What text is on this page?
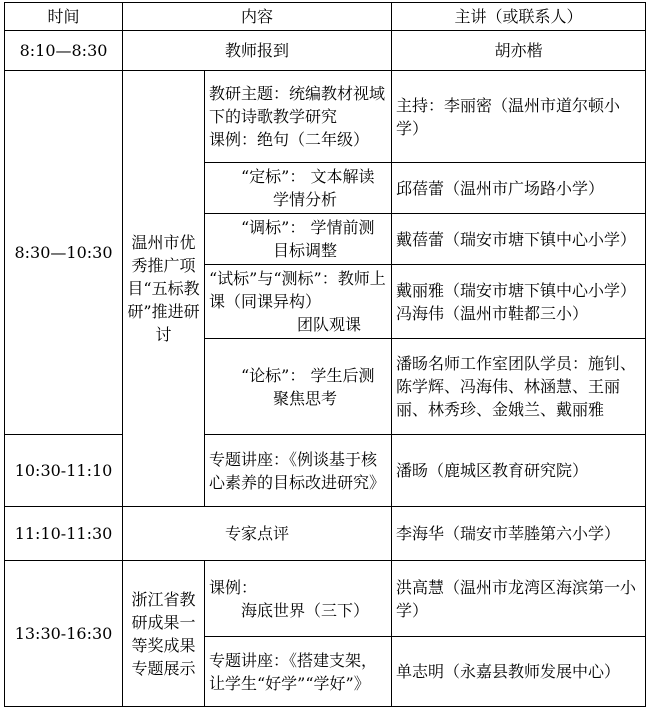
时间	内容		主讲（或联系人）
8:10—8:30	教师报到		胡亦楷
8:30—10:30	温州市优秀推广项目“五标教研”推进研讨	教研主题：统编教材视域下的诗歌教学研究
课例：绝句（二年级）	主持：李丽密（温州市道尔顿小学）

		“定标”： 文本解读
学情分析	邱蓓蕾（温州市广场路小学）

		“调标”： 学情前测
目标调整	戴蓓蕾（瑞安市塘下镇中心小学）

		“试标”与“测标”：教师上课（同课异构）
团队观课	戴丽雅（瑞安市塘下镇中心小学）
冯海伟（温州市鞋都三小）

		“论标”： 学生后测
聚焦思考	潘旸名师工作室团队学员：施钊、陈学辉、冯海伟、林涵慧、王丽丽、林秀珍、金娥兰、戴丽雅
10:30-11:10		专题讲座：《例谈基于核心素养的目标改进研究》	潘旸（鹿城区教育研究院）
11:10-11:30	专家点评		李海华（瑞安市莘塍第六小学）
13:30-16:30	浙江省教研成果一等奖成果专题展示	课例：
海底世界（三下）	洪高慧（温州市龙湾区海滨第一小学）
		专题讲座：《搭建支架，让学生“好学”“学好”》	单志明（永嘉县教师发展中心）
